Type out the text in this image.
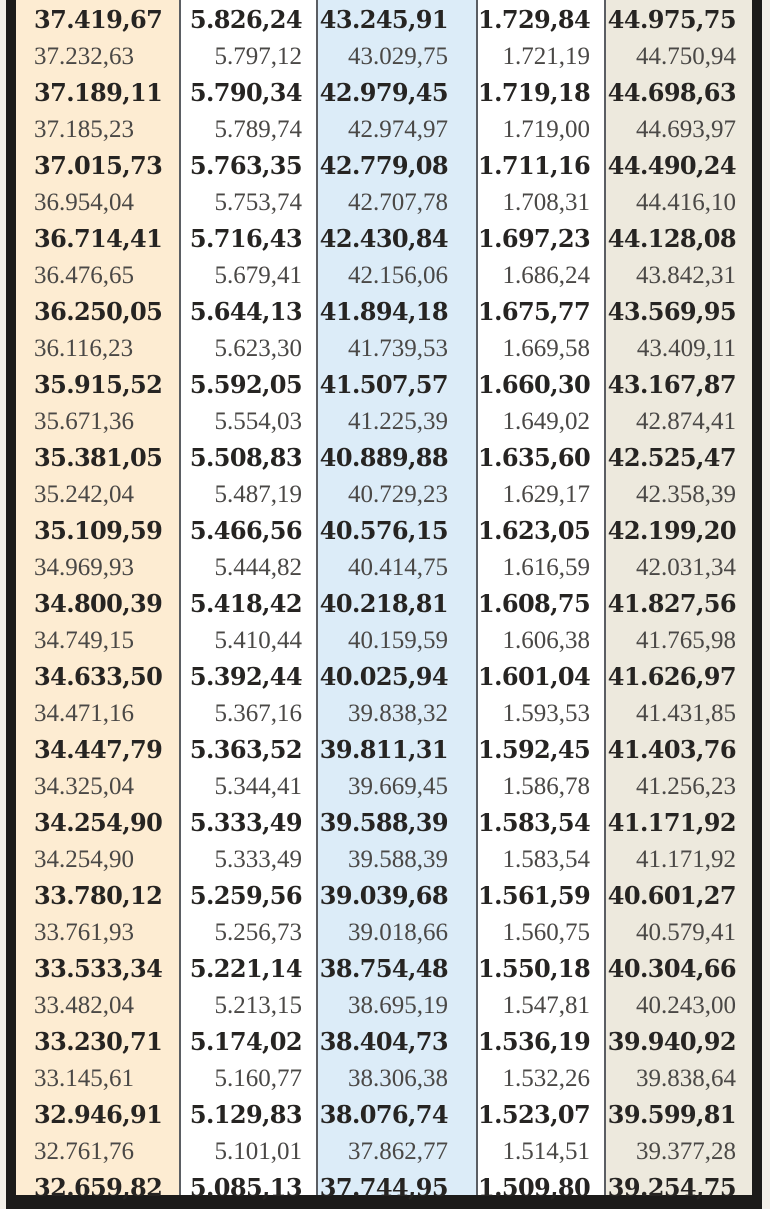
37.419,67
37.232,63
37.189,11
37.185,23
37.015,73
36.954,04
36.714,41
36.476,65
36.250,05
36.116,23
35.915,52
35.671,36
35.381,05
35.242,04
35.109,59
34.969,93
34.800,39
34.749,15
34.633,50
34.471,16
34.447,79
34.325,04
34.254,90
34.254,90
33.780,12
33.761,93
33.533,34
33.482,04
33.230,71
33.145,61
32.946,91
32.761,76
32.659,82
5.826,24
5.797,12
5.790,34
5.789,74
5.763,35
5.753,74
5.716,43
5.679,41
5.644,13
5.623,30
5.592,05
5.554,03
5.508,83
5.487,19
5.466,56
5.444,82
5.418,42
5.410,44
5.392,44
5.367,16
5.363,52
5.344,41
5.333,49
5.333,49
5.259,56
5.256,73
5.221,14
5.213,15
5.174,02
5.160,77
5.129,83
5.101,01
5.085,13
43.245,91
43.029,75
42.979,45
42.974,97
42.779,08
42.707,78
42.430,84
42.156,06
41.894,18
41.739,53
41.507,57
41.225,39
40.889,88
40.729,23
40.576,15
40.414,75
40.218,81
40.159,59
40.025,94
39.838,32
39.811,31
39.669,45
39.588,39
39.588,39
39.039,68
39.018,66
38.754,48
38.695,19
38.404,73
38.306,38
38.076,74
37.862,77
37.744,95
1.729,84
1.721,19
1.719,18
1.719,00
1.711,16
1.708,31
1.697,23
1.686,24
1.675,77
1.669,58
1.660,30
1.649,02
1.635,60
1.629,17
1.623,05
1.616,59
1.608,75
1.606,38
1.601,04
1.593,53
1.592,45
1.586,78
1.583,54
1.583,54
1.561,59
1.560,75
1.550,18
1.547,81
1.536,19
1.532,26
1.523,07
1.514,51
1.509,80
44.975,75
44.750,94
44.698,63
44.693,97
44.490,24
44.416,10
44.128,08
43.842,31
43.569,95
43.409,11
43.167,87
42.874,41
42.525,47
42.358,39
42.199,20
42.031,34
41.827,56
41.765,98
41.626,97
41.431,85
41.403,76
41.256,23
41.171,92
41.171,92
40.601,27
40.579,41
40.304,66
40.243,00
39.940,92
39.838,64
39.599,81
39.377,28
39.254,75
